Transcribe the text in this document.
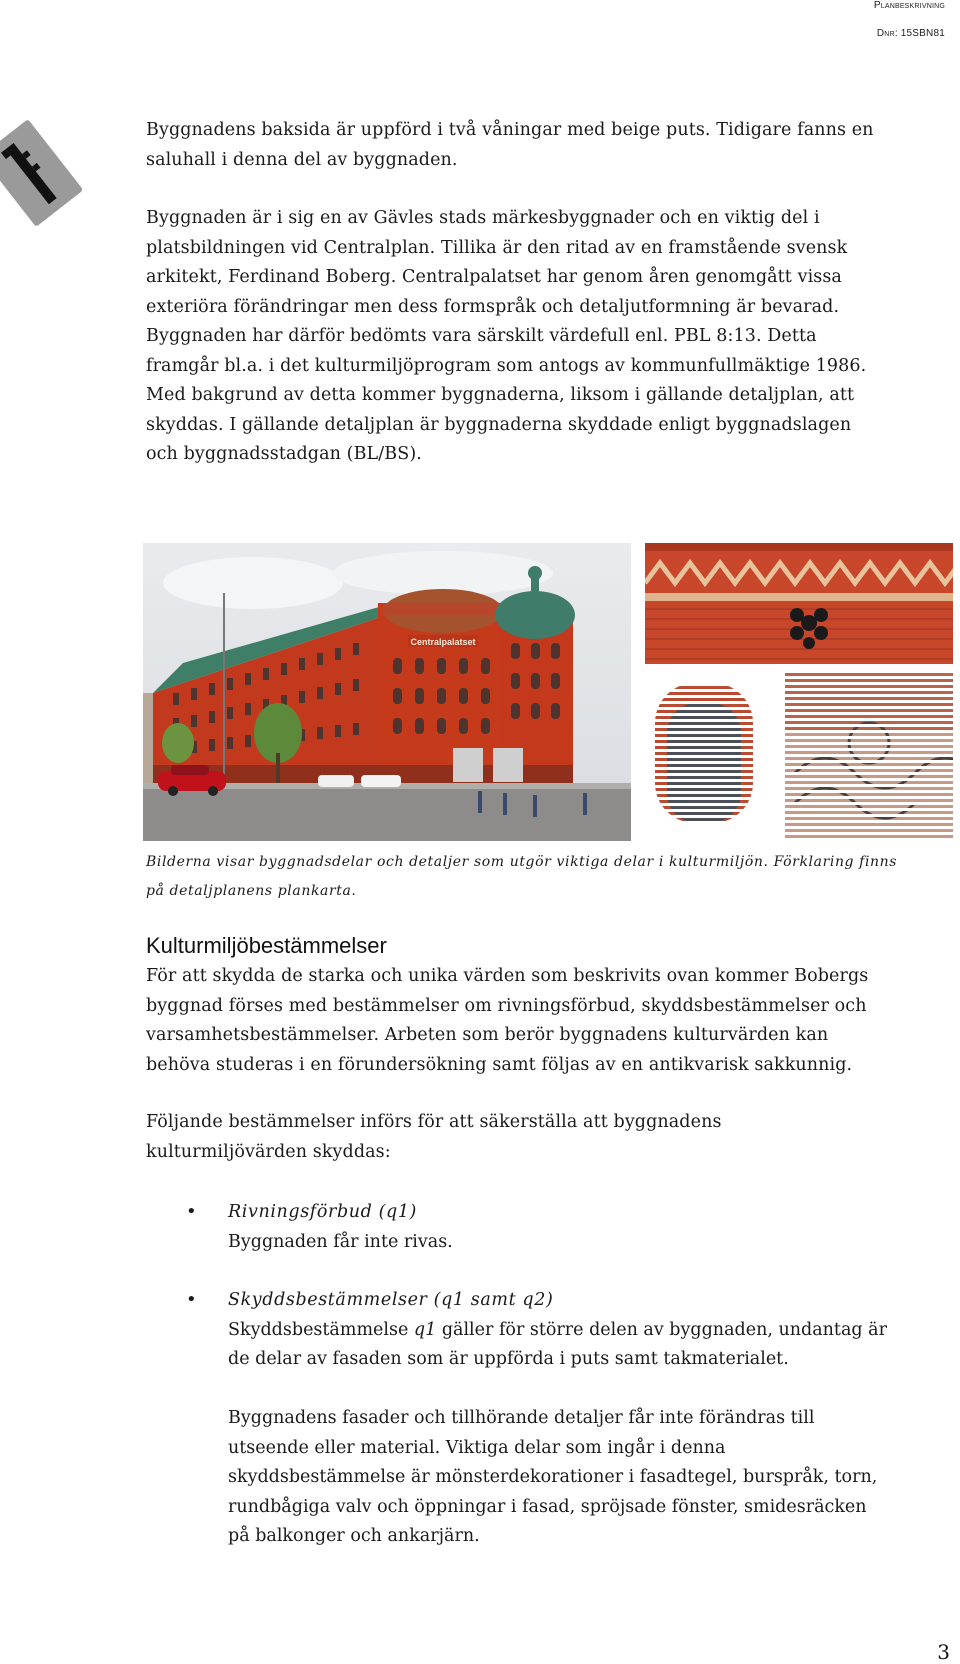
Planbeskrivning
Dnr: 15SBN81

Byggnadens baksida är uppförd i två våningar med beige puts. Tidigare fanns en

saluhall i denna del av byggnaden.

Byggnaden är i sig en av Gävles stads märkesbyggnader och en viktig del i

platsbildningen vid Centralplan. Tillika är den ritad av en framstående svensk

arkitekt, Ferdinand Boberg. Centralpalatset har genom åren genomgått vissa

exteriöra förändringar men dess formspråk och detaljutformning är bevarad.

Byggnaden har därför bedömts vara särskilt värdefull enl. PBL 8:13. Detta

framgår bl.a. i det kulturmiljöprogram som antogs av kommunfullmäktige 1986.

Med bakgrund av detta kommer byggnaderna, liksom i gällande detaljplan, att

skyddas. I gällande detaljplan är byggnaderna skyddade enligt byggnadslagen

och byggnadsstadgan (BL/BS).

Centralpalatset

Bilderna visar byggnadsdelar och detaljer som utgör viktiga delar i kulturmiljön. Förklaring finns

på detaljplanens plankarta.

Kulturmiljöbestämmelser

För att skydda de starka och unika värden som beskrivits ovan kommer Bobergs

byggnad förses med bestämmelser om rivningsförbud, skyddsbestämmelser och

varsamhetsbestämmelser. Arbeten som berör byggnadens kulturvärden kan

behöva studeras i en förundersökning samt följas av en antikvarisk sakkunnig.

Följande bestämmelser införs för att säkerställa att byggnadens

kulturmiljövärden skyddas:

• Rivningsförbud (q1)

Byggnaden får inte rivas.

• Skyddsbestämmelser (q1 samt q2)

Skyddsbestämmelse q1 gäller för större delen av byggnaden, undantag är

de delar av fasaden som är uppförda i puts samt takmaterialet.

Byggnadens fasader och tillhörande detaljer får inte förändras till

utseende eller material. Viktiga delar som ingår i denna

skyddsbestämmelse är mönsterdekorationer i fasadtegel, burspråk, torn,

rundbågiga valv och öppningar i fasad, spröjsade fönster, smidesräcken

på balkonger och ankarjärn.

3
